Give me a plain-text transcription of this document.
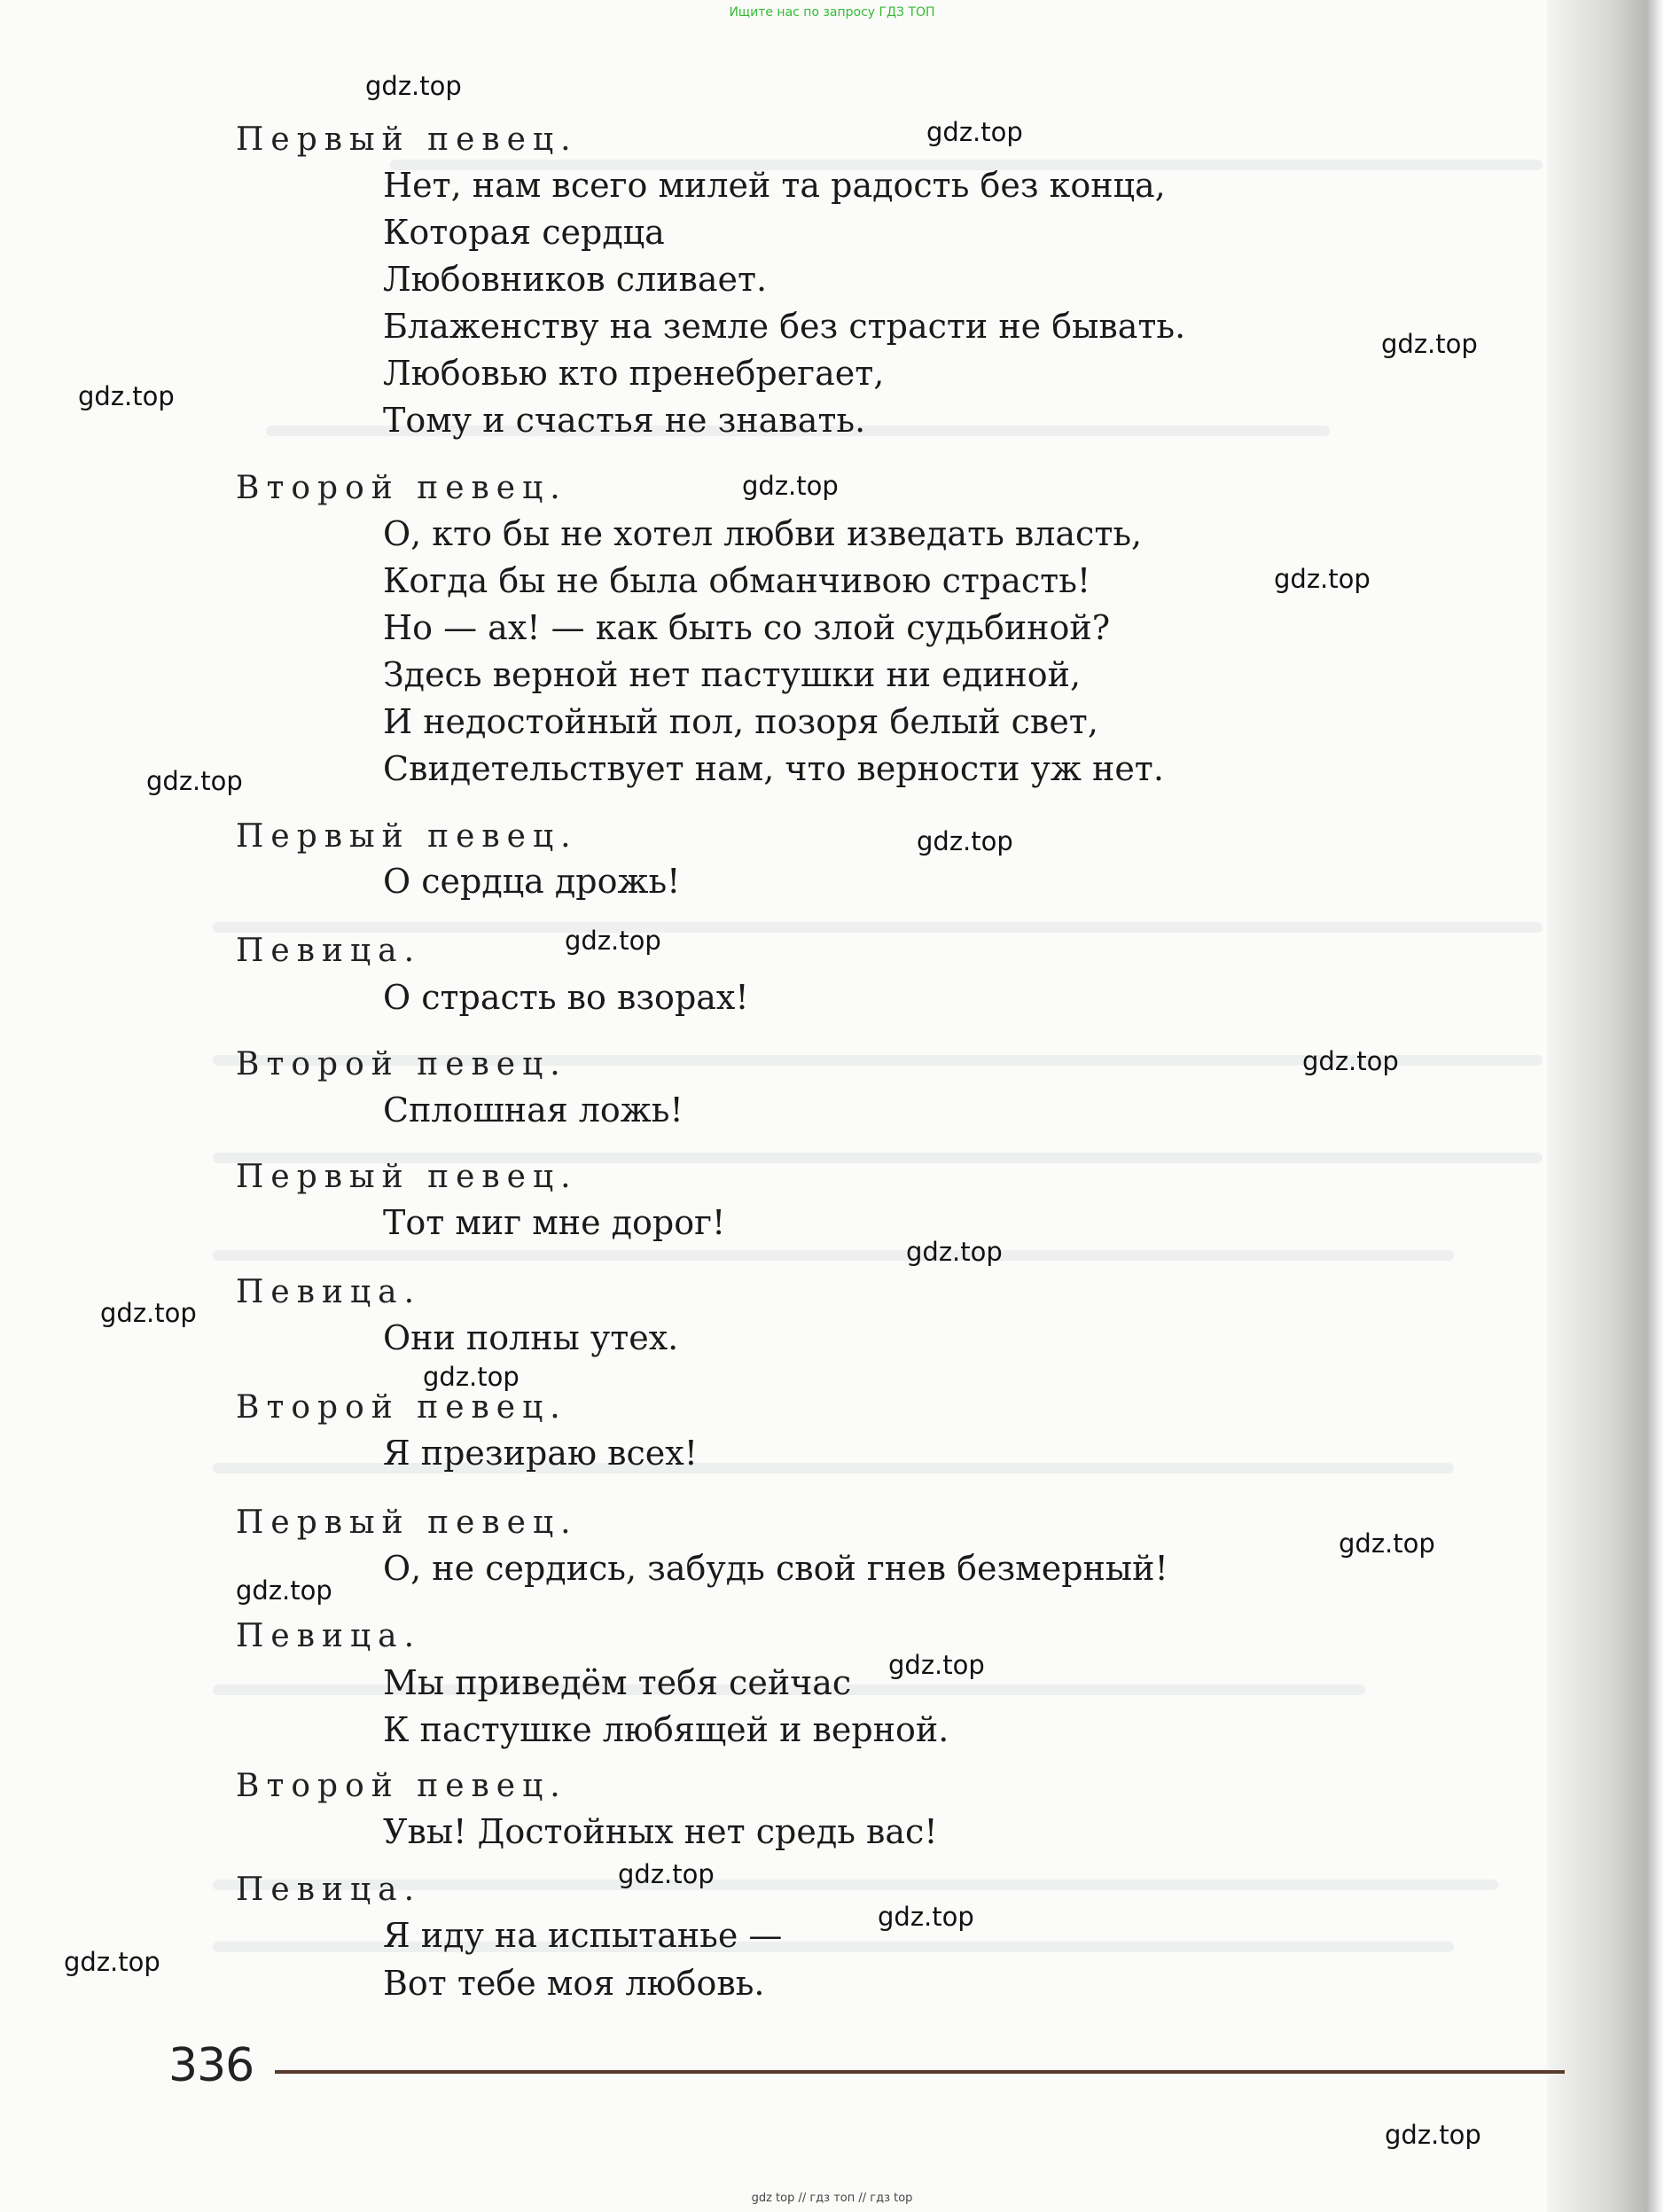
Ищите нас по запросу ГДЗ ТОП
Первый певец.
Нет, нам всего милей та радость без конца,
Которая сердца
Любовников сливает.
Блаженству на земле без страсти не бывать.
Любовью кто пренебрегает,
Тому и счастья не знавать.
Второй певец.
О, кто бы не хотел любви изведать власть,
Когда бы не была обманчивою страсть!
Но — ах! — как быть со злой судьбиной?
Здесь верной нет пастушки ни единой,
И недостойный пол, позоря белый свет,
Свидетельствует нам, что верности уж нет.
Первый певец.
О сердца дрожь!
Певица.
О страсть во взорах!
Второй певец.
Сплошная ложь!
Первый певец.
Тот миг мне дорог!
Певица.
Они полны утех.
Второй певец.
Я презираю всех!
Первый певец.
О, не сердись, забудь свой гнев безмерный!
Певица.
Мы приведём тебя сейчас
К пастушке любящей и верной.
Второй певец.
Увы! Достойных нет средь вас!
Певица.
Я иду на испытанье —
Вот тебе моя любовь.
336
gdz.top
gdz.top
gdz.top
gdz.top
gdz.top
gdz.top
gdz.top
gdz.top
gdz.top
gdz.top
gdz.top
gdz.top
gdz.top
gdz.top
gdz.top
gdz.top
gdz.top
gdz.top
gdz.top
gdz.top
gdz top // гдз топ // гдз top
